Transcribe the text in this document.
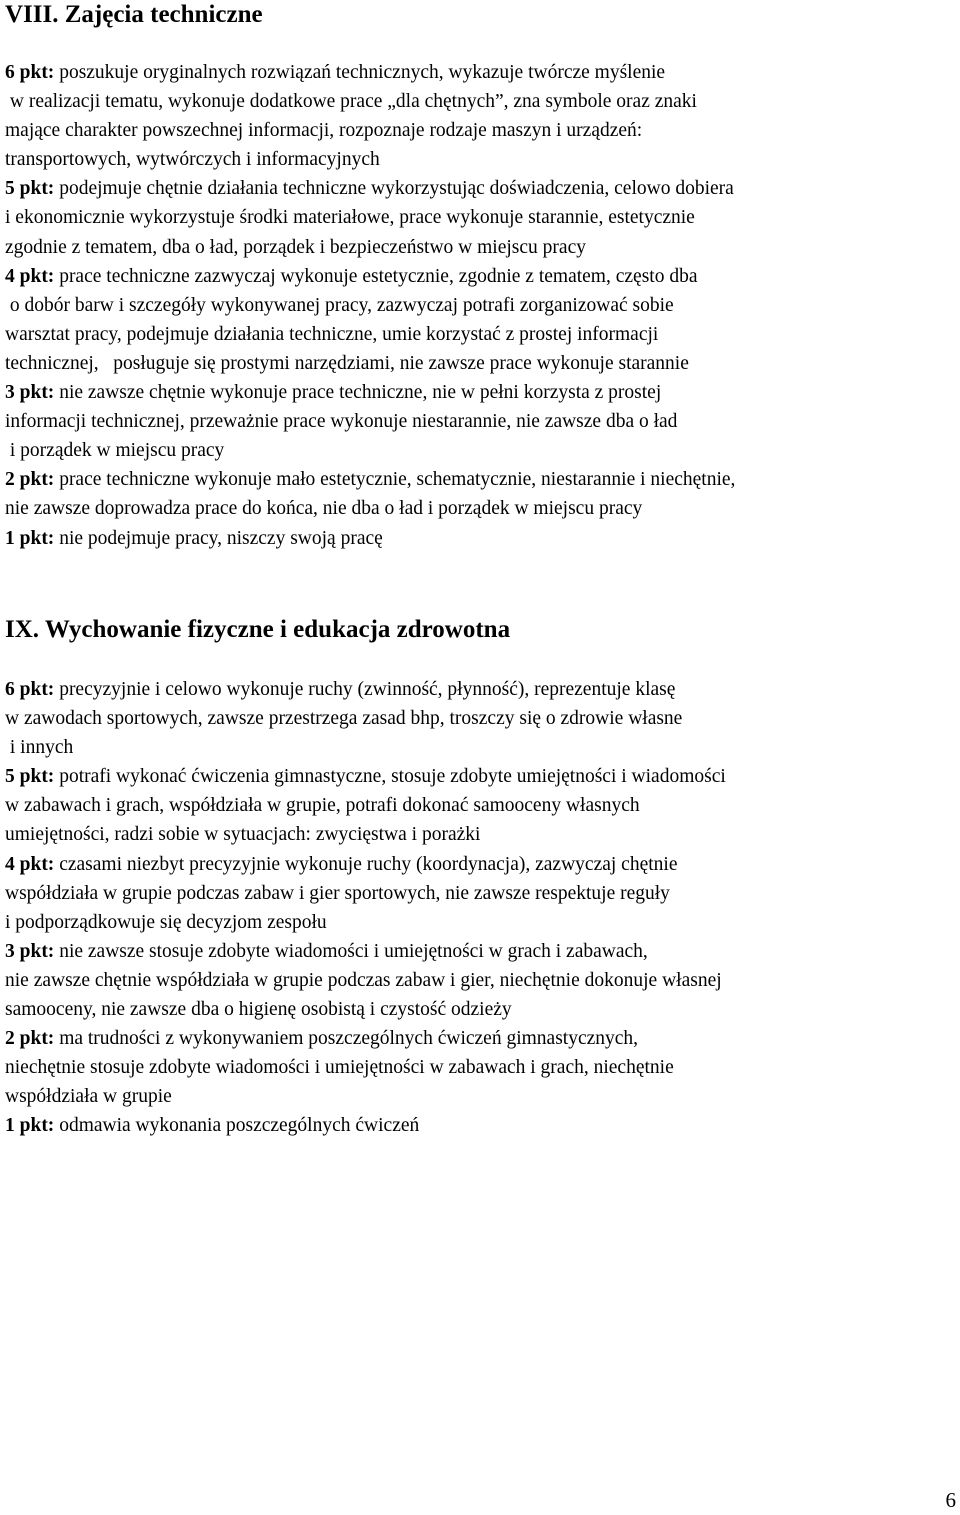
VIII. Zajęcia techniczne
6 pkt: poszukuje oryginalnych rozwiązań technicznych, wykazuje twórcze myślenie
w realizacji tematu, wykonuje dodatkowe prace „dla chętnych”, zna symbole oraz znaki
mające charakter powszechnej informacji, rozpoznaje rodzaje maszyn i urządzeń:
transportowych, wytwórczych i informacyjnych
5 pkt: podejmuje chętnie działania techniczne wykorzystując doświadczenia, celowo dobiera
i ekonomicznie wykorzystuje środki materiałowe, prace wykonuje starannie, estetycznie
zgodnie z tematem, dba o ład, porządek i bezpieczeństwo w miejscu pracy
4 pkt: prace techniczne zazwyczaj wykonuje estetycznie, zgodnie z tematem, często dba
o dobór barw i szczegóły wykonywanej pracy, zazwyczaj potrafi zorganizować sobie
warsztat pracy, podejmuje działania techniczne, umie korzystać z prostej informacji
technicznej,   posługuje się prostymi narzędziami, nie zawsze prace wykonuje starannie
3 pkt: nie zawsze chętnie wykonuje prace techniczne, nie w pełni korzysta z prostej
informacji technicznej, przeważnie prace wykonuje niestarannie, nie zawsze dba o ład
i porządek w miejscu pracy
2 pkt: prace techniczne wykonuje mało estetycznie, schematycznie, niestarannie i niechętnie,
nie zawsze doprowadza prace do końca, nie dba o ład i porządek w miejscu pracy
1 pkt: nie podejmuje pracy, niszczy swoją pracę
IX. Wychowanie fizyczne i edukacja zdrowotna
6 pkt: precyzyjnie i celowo wykonuje ruchy (zwinność, płynność), reprezentuje klasę
w zawodach sportowych, zawsze przestrzega zasad bhp, troszczy się o zdrowie własne
i innych
5 pkt: potrafi wykonać ćwiczenia gimnastyczne, stosuje zdobyte umiejętności i wiadomości
w zabawach i grach, współdziała w grupie, potrafi dokonać samooceny własnych
umiejętności, radzi sobie w sytuacjach: zwycięstwa i porażki
4 pkt: czasami niezbyt precyzyjnie wykonuje ruchy (koordynacja), zazwyczaj chętnie
współdziała w grupie podczas zabaw i gier sportowych, nie zawsze respektuje reguły
i podporządkowuje się decyzjom zespołu
3 pkt: nie zawsze stosuje zdobyte wiadomości i umiejętności w grach i zabawach,
nie zawsze chętnie współdziała w grupie podczas zabaw i gier, niechętnie dokonuje własnej
samooceny, nie zawsze dba o higienę osobistą i czystość odzieży
2 pkt: ma trudności z wykonywaniem poszczególnych ćwiczeń gimnastycznych,
niechętnie stosuje zdobyte wiadomości i umiejętności w zabawach i grach, niechętnie
współdziała w grupie
1 pkt: odmawia wykonania poszczególnych ćwiczeń
6
